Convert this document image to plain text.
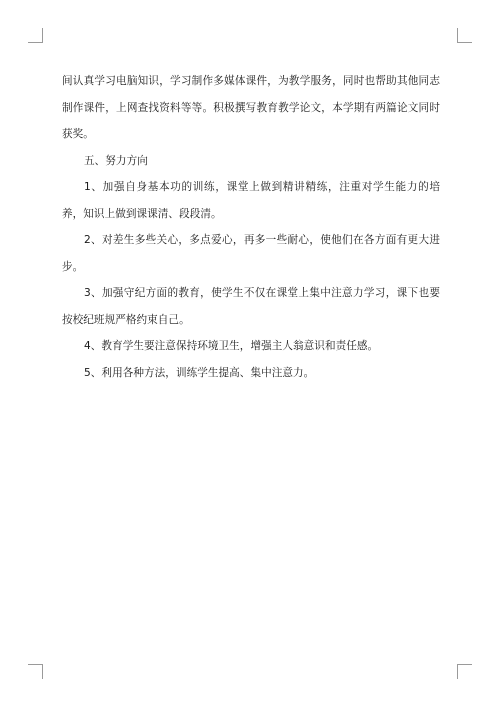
间认真学习电脑知识，学习制作多媒体课件，为教学服务，同时也帮助其他同志制作课件，上网查找资料等等。积极撰写教育教学论文，本学期有两篇论文同时获奖。

五、努力方向

1、加强自身基本功的训练，课堂上做到精讲精练，注重对学生能力的培养，知识上做到课课清、段段清。

2、对差生多些关心，多点爱心，再多一些耐心，使他们在各方面有更大进步。

3、加强守纪方面的教育，使学生不仅在课堂上集中注意力学习，课下也要按校纪班规严格约束自己。

4、教育学生要注意保持环境卫生，增强主人翁意识和责任感。

5、利用各种方法，训练学生提高、集中注意力。
